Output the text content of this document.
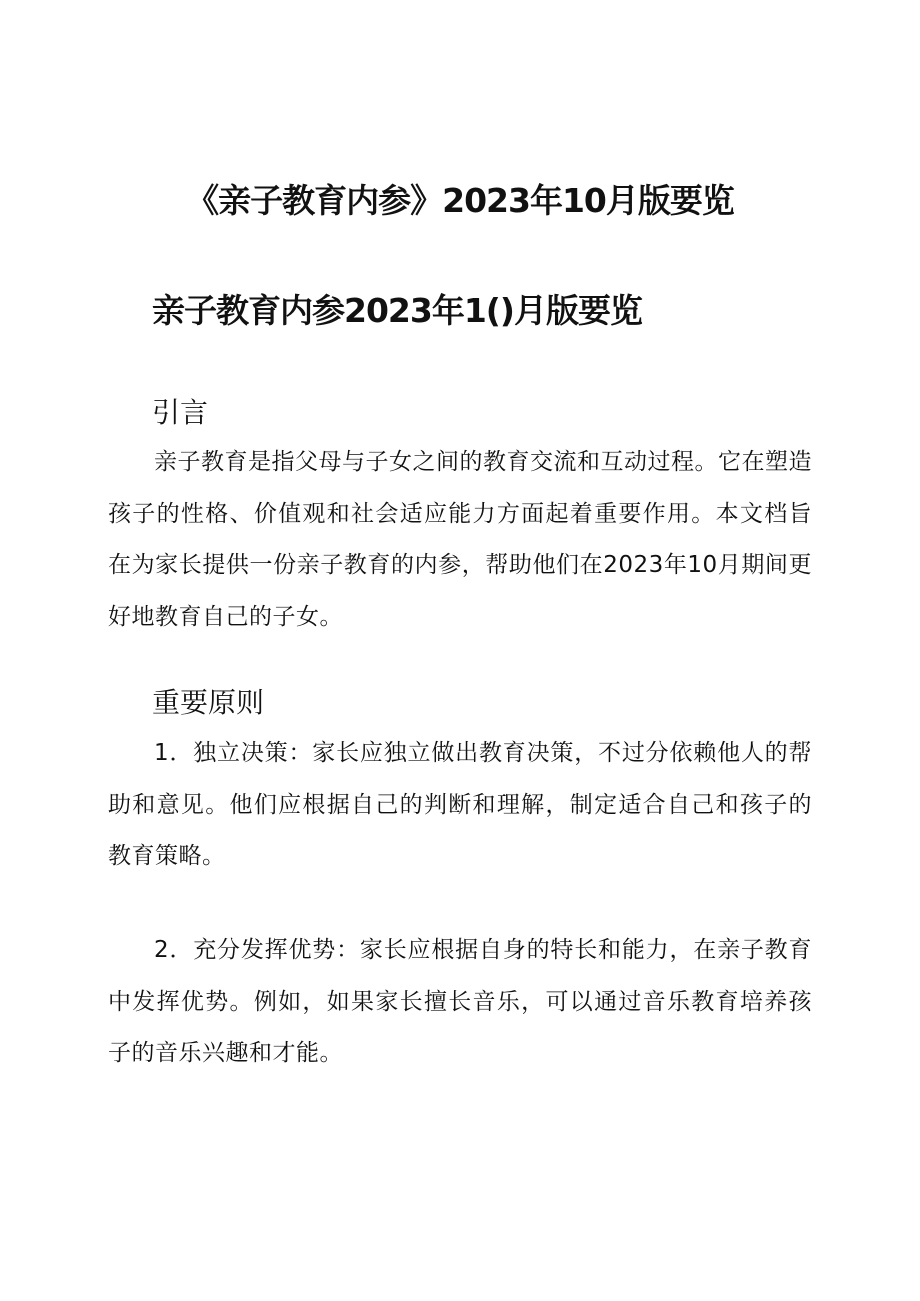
《亲子教育内参》2023年10月版要览
亲子教育内参2023年1()月版要览
引言

亲子教育是指父母与子女之间的教育交流和互动过程。它在塑造孩子的性格、价值观和社会适应能力方面起着重要作用。本文档旨在为家长提供一份亲子教育的内参，帮助他们在2023年10月期间更好地教育自己的子女。

重要原则

1．独立决策：家长应独立做出教育决策，不过分依赖他人的帮助和意见。他们应根据自己的判断和理解，制定适合自己和孩子的教育策略。

2．充分发挥优势：家长应根据自身的特长和能力，在亲子教育中发挥优势。例如，如果家长擅长音乐，可以通过音乐教育培养孩子的音乐兴趣和才能。
